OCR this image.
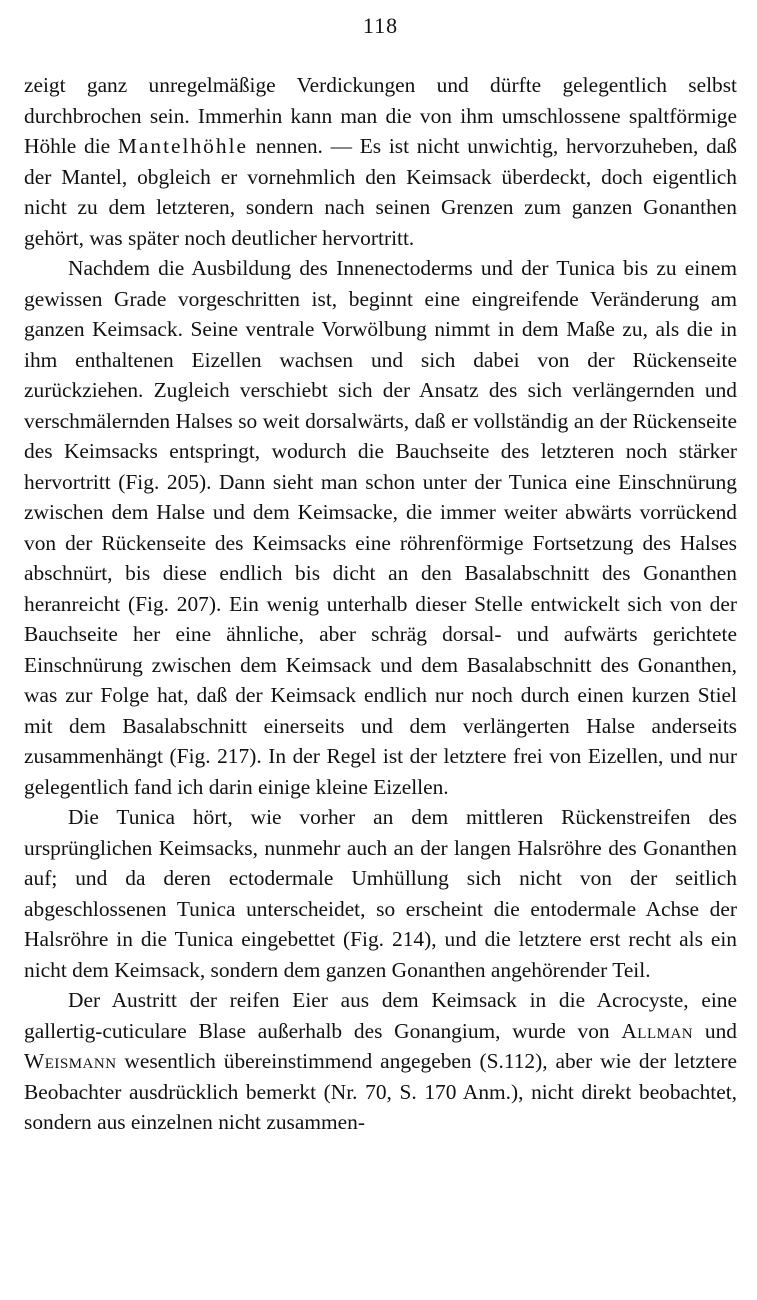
118

zeigt ganz unregelmäßige Verdickungen und dürfte gelegentlich selbst durchbrochen sein. Immerhin kann man die von ihm umschlossene spaltförmige Höhle die Mantelhöhle nennen. — Es ist nicht unwichtig, hervorzuheben, daß der Mantel, obgleich er vornehmlich den Keimsack überdeckt, doch eigentlich nicht zu dem letzteren, sondern nach seinen Grenzen zum ganzen Gonanthen gehört, was später noch deutlicher hervortritt.

Nachdem die Ausbildung des Innenectoderms und der Tunica bis zu einem gewissen Grade vorgeschritten ist, beginnt eine eingreifende Veränderung am ganzen Keimsack. Seine ventrale Vorwölbung nimmt in dem Maße zu, als die in ihm enthaltenen Eizellen wachsen und sich dabei von der Rückenseite zurückziehen. Zugleich verschiebt sich der Ansatz des sich verlängernden und verschmälernden Halses so weit dorsalwärts, daß er vollständig an der Rückenseite des Keimsacks entspringt, wodurch die Bauchseite des letzteren noch stärker hervortritt (Fig. 205). Dann sieht man schon unter der Tunica eine Einschnürung zwischen dem Halse und dem Keimsacke, die immer weiter abwärts vorrückend von der Rückenseite des Keimsacks eine röhrenförmige Fortsetzung des Halses abschnürt, bis diese endlich bis dicht an den Basalabschnitt des Gonanthen heranreicht (Fig. 207). Ein wenig unterhalb dieser Stelle entwickelt sich von der Bauchseite her eine ähnliche, aber schräg dorsal- und aufwärts gerichtete Einschnürung zwischen dem Keimsack und dem Basalabschnitt des Gonanthen, was zur Folge hat, daß der Keimsack endlich nur noch durch einen kurzen Stiel mit dem Basalabschnitt einerseits und dem verlängerten Halse anderseits zusammenhängt (Fig. 217). In der Regel ist der letztere frei von Eizellen, und nur gelegentlich fand ich darin einige kleine Eizellen.

Die Tunica hört, wie vorher an dem mittleren Rückenstreifen des ursprünglichen Keimsacks, nunmehr auch an der langen Halsröhre des Gonanthen auf; und da deren ectodermale Umhüllung sich nicht von der seitlich abgeschlossenen Tunica unterscheidet, so erscheint die entodermale Achse der Halsröhre in die Tunica eingebettet (Fig. 214), und die letztere erst recht als ein nicht dem Keimsack, sondern dem ganzen Gonanthen angehörender Teil.

Der Austritt der reifen Eier aus dem Keimsack in die Acrocyste, eine gallertig-cuticulare Blase außerhalb des Gonangium, wurde von Allman und Weismann wesentlich übereinstimmend angegeben (S.112), aber wie der letztere Beobachter ausdrücklich bemerkt (Nr. 70, S. 170 Anm.), nicht direkt beobachtet, sondern aus einzelnen nicht zusammen-
